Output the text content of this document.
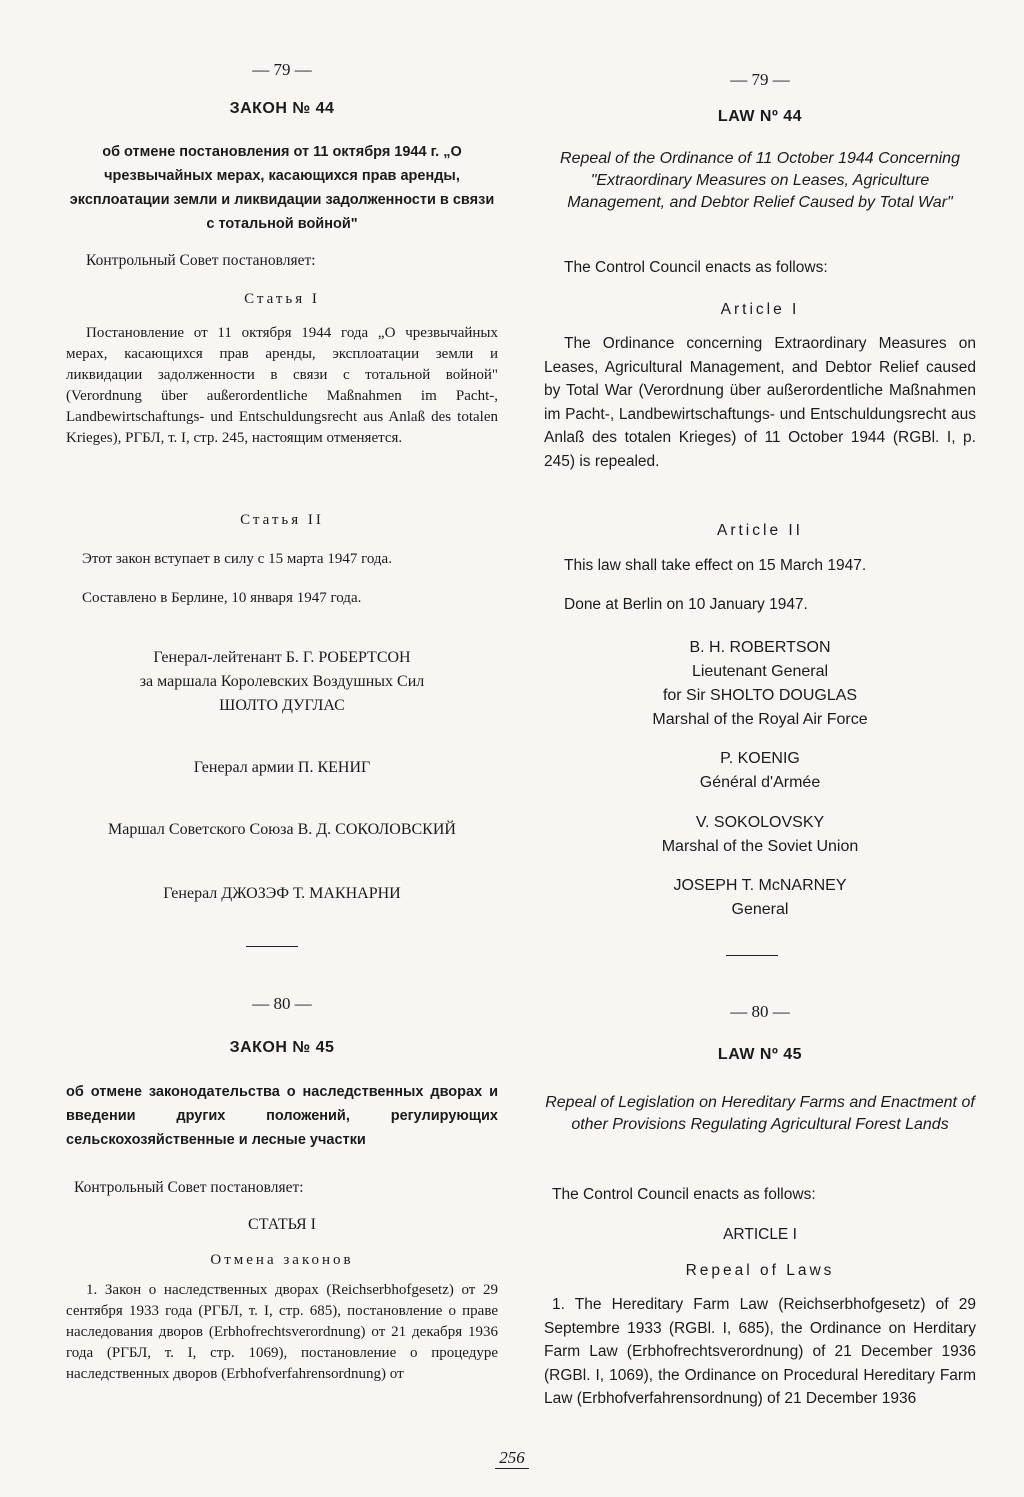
— 79 —
ЗАКОН № 44
об отмене постановления от 11 октября 1944 г. „О чрезвычайных мерах, касающихся прав аренды, эксплоатации земли и ликвидации задолженности в связи с тотальной войной"
Контрольный Совет постановляет:
Статья I
Постановление от 11 октября 1944 года „О чрезвычайных мерах, касающихся прав аренды, эксплоатации земли и ликвидации задолженности в связи с тотальной войной" (Verordnung über außerordentliche Maßnahmen im Pacht-, Landbewirtschaftungs- und Entschuldungsrecht aus Anlaß des totalen Krieges), РГБЛ, т. I, стр. 245, настоящим отменяется.
Статья II
Этот закон вступает в силу с 15 марта 1947 года.
Составлено в Берлине, 10 января 1947 года.
Генерал-лейтенант Б. Г. РОБЕРТСОН
за маршала Королевских Воздушных Сил
ШОЛТО ДУГЛАС
Генерал армии П. КЕНИГ
Маршал Советского Союза В. Д. СОКОЛОВСКИЙ
Генерал ДЖОЗЭФ Т. МАКНАРНИ
— 80 —
ЗАКОН № 45
об отмене законодательства о наследственных дворах и введении других положений, регулирующих сельскохозяйственные и лесные участки
Контрольный Совет постановляет:
СТАТЬЯ I
Отмена законов
1. Закон о наследственных дворах (Reichserbhofgesetz) от 29 сентября 1933 года (РГБЛ, т. I, стр. 685), постановление о праве наследования дворов (Erbhofrechtsverordnung) от 21 декабря 1936 года (РГБЛ, т. I, стр. 1069), постановление о процедуре наследственных дворов (Erbhofverfahrensordnung) от
— 79 —
LAW Nº 44
Repeal of the Ordinance of 11 October 1944 Concerning "Extraordinary Measures on Leases, Agriculture Management, and Debtor Relief Caused by Total War"
The Control Council enacts as follows:
Article I
The Ordinance concerning Extraordinary Measures on Leases, Agricultural Management, and Debtor Relief caused by Total War (Verordnung über außerordentliche Maßnahmen im Pacht-, Landbewirtschaftungs- und Entschuldungsrecht aus Anlaß des totalen Krieges) of 11 October 1944 (RGBl. I, p. 245) is repealed.
Article II
This law shall take effect on 15 March 1947.
Done at Berlin on 10 January 1947.
B. H. ROBERTSON
Lieutenant General
for Sir SHOLTO DOUGLAS
Marshal of the Royal Air Force
P. KOENIG
Général d'Armée
V. SOKOLOVSKY
Marshal of the Soviet Union
JOSEPH T. McNARNEY
General
— 80 —
LAW Nº 45
Repeal of Legislation on Hereditary Farms and Enactment of other Provisions Regulating Agricultural Forest Lands
The Control Council enacts as follows:
ARTICLE I
Repeal of Laws
1. The Hereditary Farm Law (Reichserbhofgesetz) of 29 Septembre 1933 (RGBl. I, 685), the Ordinance on Herditary Farm Law (Erbhofrechtsverordnung) of 21 December 1936 (RGBl. I, 1069), the Ordinance on Procedural Hereditary Farm Law (Erbhofverfahrensordnung) of 21 December 1936
256
